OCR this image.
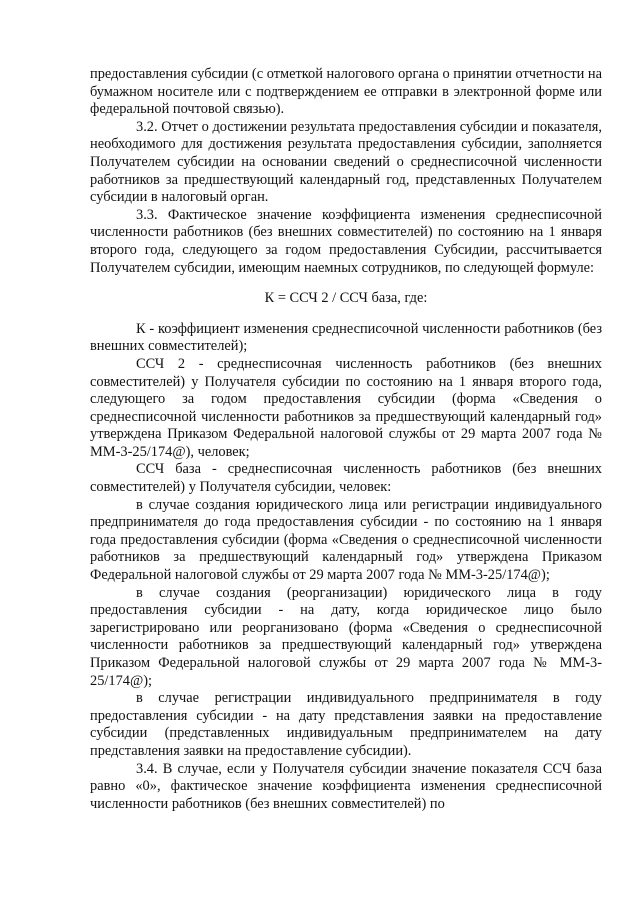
предоставления субсидии (с отметкой налогового органа о принятии отчетности на бумажном носителе или с подтверждением ее отправки в электронной форме или федеральной почтовой связью).

3.2. Отчет о достижении результата предоставления субсидии и показателя, необходимого для достижения результата предоставления субсидии, заполняется Получателем субсидии на основании сведений о среднесписочной численности работников за предшествующий календарный год, представленных Получателем субсидии в налоговый орган.

3.3. Фактическое значение коэффициента изменения среднесписочной численности работников (без внешних совместителей) по состоянию на 1 января второго года, следующего за годом предоставления Субсидии, рассчитывается Получателем субсидии, имеющим наемных сотрудников, по следующей формуле:

К = ССЧ 2 / ССЧ база, где:

К - коэффициент изменения среднесписочной численности работников (без внешних совместителей);

ССЧ 2 - среднесписочная численность работников (без внешних совместителей) у Получателя субсидии по состоянию на 1 января второго года, следующего за годом предоставления субсидии (форма «Сведения о среднесписочной численности работников за предшествующий календарный год» утверждена Приказом Федеральной налоговой службы от 29 марта 2007 года № ММ-3-25/174@), человек;

ССЧ база - среднесписочная численность работников (без внешних совместителей) у Получателя субсидии, человек:

в случае создания юридического лица или регистрации индивидуального предпринимателя до года предоставления субсидии - по состоянию на 1 января года предоставления субсидии (форма «Сведения о среднесписочной численности работников за предшествующий календарный год» утверждена Приказом Федеральной налоговой службы от 29 марта 2007 года № ММ-3-25/174@);

в случае создания (реорганизации) юридического лица в году предоставления субсидии - на дату, когда юридическое лицо было зарегистрировано или реорганизовано (форма «Сведения о среднесписочной численности работников за предшествующий календарный год» утверждена Приказом Федеральной налоговой службы от 29 марта 2007 года № ММ-3-25/174@);

в случае регистрации индивидуального предпринимателя в году предоставления субсидии - на дату представления заявки на предоставление субсидии (представленных индивидуальным предпринимателем на дату представления заявки на предоставление субсидии).

3.4. В случае, если у Получателя субсидии значение показателя ССЧ база равно «0», фактическое значение коэффициента изменения среднесписочной численности работников (без внешних совместителей) по
